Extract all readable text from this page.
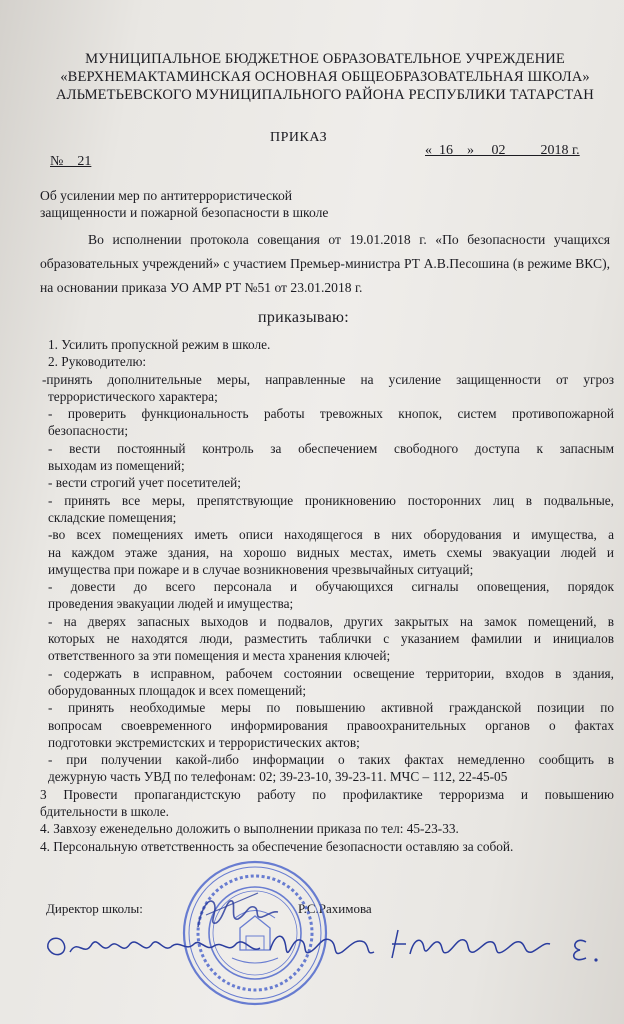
МУНИЦИПАЛЬНОЕ БЮДЖЕТНОЕ ОБРАЗОВАТЕЛЬНОЕ УЧРЕЖДЕНИЕ
«ВЕРХНЕМАКТАМИНСКАЯ ОСНОВНАЯ ОБЩЕОБРАЗОВАТЕЛЬНАЯ ШКОЛА»
АЛЬМЕТЬЕВСКОГО МУНИЦИПАЛЬНОГО РАЙОНА РЕСПУБЛИКИ ТАТАРСТАН
ПРИКАЗ
«  16    »     02          2018 г.
№    21
Об усилении мер по антитеррористической
защищенности и пожарной безопасности в школе
Во исполнении протокола совещания от 19.01.2018 г. «По безопасности учащихся образовательных учреждений» с участием Премьер-министра РТ А.В.Песошина (в режиме ВКС), на основании приказа УО АМР РТ №51 от 23.01.2018 г.
приказываю:
1. Усилить пропускной режим в школе.
2. Руководителю:
-принять дополнительные меры, направленные на усиление защищенности от угроз
террористического характера;
- проверить функциональность работы тревожных кнопок, систем противопожарной
безопасности;
- вести постоянный контроль за обеспечением свободного доступа к запасным
выходам из помещений;
- вести строгий учет посетителей;
- принять все меры, препятствующие проникновению посторонних лиц в подвальные,
складские помещения;
-во всех помещениях иметь описи находящегося в них оборудования и имущества, а
на каждом этаже здания, на хорошо видных местах, иметь схемы эвакуации людей и
имущества при пожаре и в случае возникновения чрезвычайных ситуаций;
- довести до всего персонала и обучающихся сигналы оповещения, порядок
проведения эвакуации людей и имущества;
- на дверях запасных выходов и подвалов, других закрытых на замок помещений, в
которых не находятся люди, разместить таблички с указанием фамилии и инициалов
ответственного за эти помещения и места хранения ключей;
- содержать в исправном, рабочем состоянии освещение территории, входов в здания,
оборудованных площадок и всех помещений;
- принять необходимые меры по повышению активной гражданской позиции по
вопросам своевременного информирования правоохранительных органов о фактах
подготовки экстремистских и террористических актов;
- при получении какой-либо информации о таких фактах немедленно сообщить в
дежурную часть УВД по телефонам: 02; 39-23-10, 39-23-11. МЧС – 112, 22-45-05
3 Провести пропагандистскую работу по профилактике терроризма и повышению
бдительности в школе.
4. Завхозу еженедельно доложить о выполнении приказа по тел: 45-23-33.
4. Персональную ответственность за обеспечение безопасности оставляю за собой.
Директор школы:	Р.С.Рахимова
Ознакомлена Ибраева Ишмухаметова Е.
